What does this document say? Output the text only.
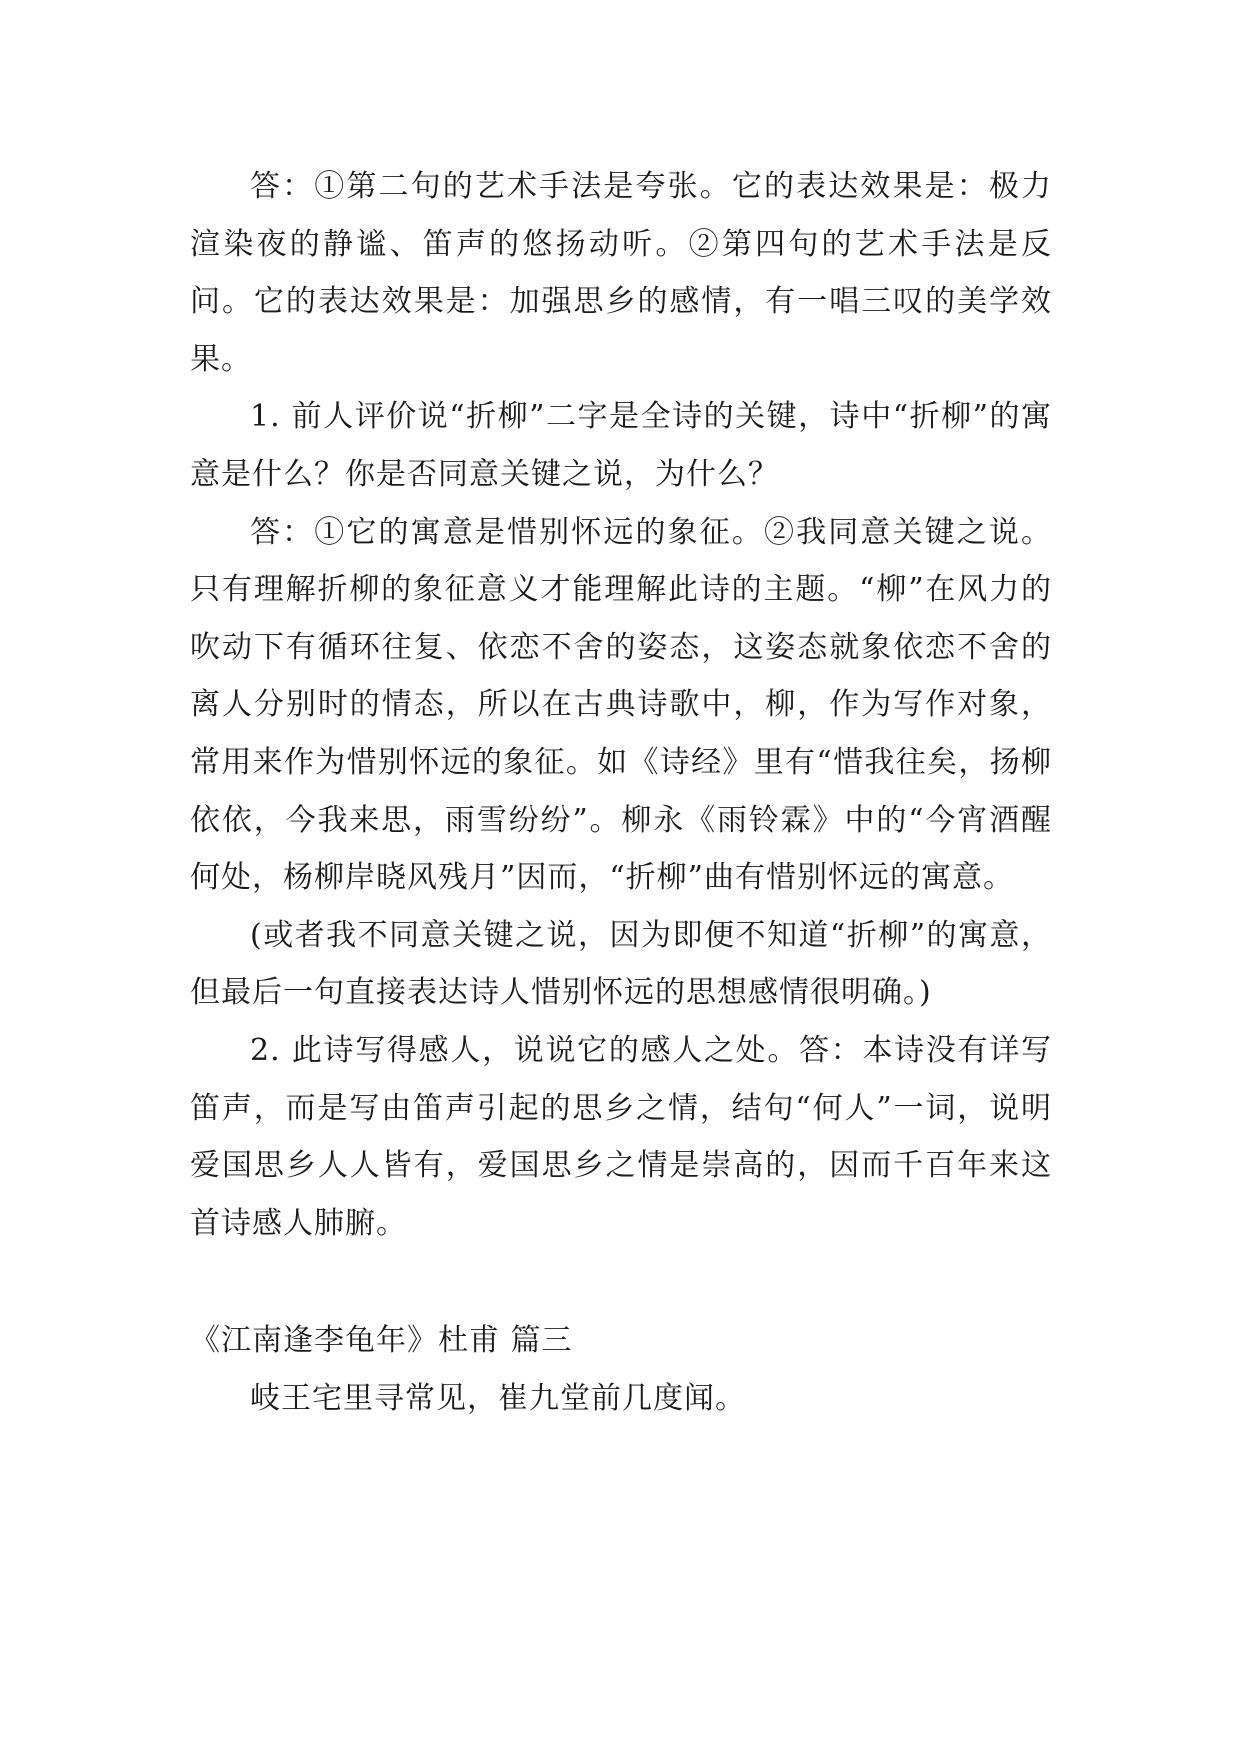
答：①第二句的艺术手法是夸张。它的表达效果是：极力渲染夜的静谧、笛声的悠扬动听。②第四句的艺术手法是反问。它的表达效果是：加强思乡的感情，有一唱三叹的美学效果。

1. 前人评价说“折柳”二字是全诗的关键，诗中“折柳”的寓意是什么？你是否同意关键之说，为什么？

答：①它的寓意是惜别怀远的象征。②我同意关键之说。只有理解折柳的象征意义才能理解此诗的主题。“柳”在风力的吹动下有循环往复、依恋不舍的姿态，这姿态就象依恋不舍的离人分别时的情态，所以在古典诗歌中，柳，作为写作对象，常用来作为惜别怀远的象征。如《诗经》里有“惜我往矣，扬柳依依，今我来思，雨雪纷纷”。柳永《雨铃霖》中的“今宵酒醒何处，杨柳岸晓风残月”因而，“折柳”曲有惜别怀远的寓意。

(或者我不同意关键之说，因为即便不知道“折柳”的寓意，但最后一句直接表达诗人惜别怀远的思想感情很明确。)

2. 此诗写得感人，说说它的感人之处。答：本诗没有详写笛声，而是写由笛声引起的思乡之情，结句“何人”一词，说明爱国思乡人人皆有，爱国思乡之情是崇高的，因而千百年来这首诗感人肺腑。

《江南逢李龟年》杜甫 篇三

岐王宅里寻常见，崔九堂前几度闻。
